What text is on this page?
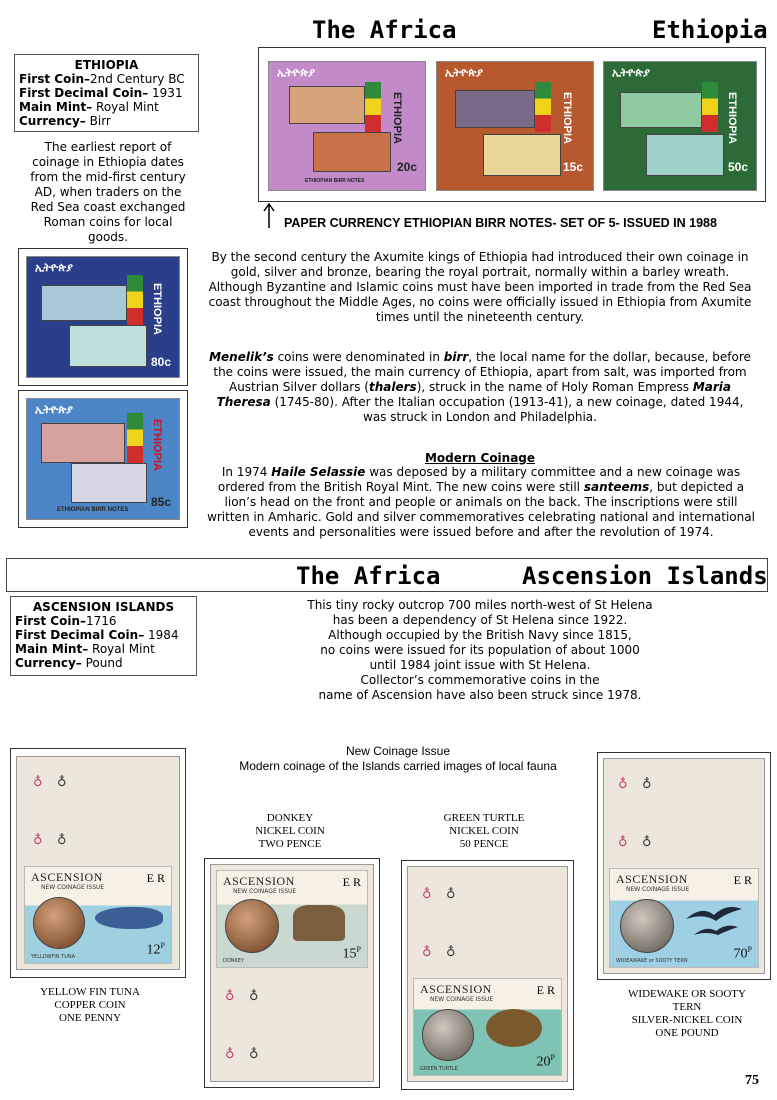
The Africa	Ethiopia
ETHIOPIA
First Coin–2nd Century BC
First Decimal Coin– 1931
Main Mint– Royal Mint
Currency– Birr
The earliest report of coinage in Ethiopia dates from the mid-first century AD, when traders on the Red Sea coast exchanged Roman coins for local goods.
ኢትዮጵያ
ETHIOPIA
20c
ETHIOPIAN BIRR NOTES
ኢትዮጵያ
ETHIOPIA
15c
ኢትዮጵያ
ETHIOPIA
50c
PAPER CURRENCY ETHIOPIAN BIRR NOTES- SET OF 5- ISSUED IN 1988
ኢትዮጵያ
ETHIOPIA
80c
ኢትዮጵያ
ETHIOPIA
85c
ETHIOPIAN BIRR NOTES
By the second century the Axumite kings of Ethiopia had introduced their own coinage in gold, silver and bronze, bearing the royal portrait, normally within a barley wreath. Although Byzantine and Islamic coins must have been imported in trade from the Red Sea coast throughout the Middle Ages, no coins were officially issued in Ethiopia from Axumite times until the nineteenth century.
Menelik’s coins were denominated in birr, the local name for the dollar, because, before the coins were issued, the main currency of Ethiopia, apart from salt, was imported from Austrian Silver dollars (thalers), struck in the name of Holy Roman Empress Maria Theresa (1745-80). After the Italian occupation (1913-41), a new coinage, dated 1944, was struck in London and Philadelphia.
Modern Coinage
In 1974 Haile Selassie was deposed by a military committee and a new coinage was ordered from the British Royal Mint. The new coins were still santeems, but depicted a lion’s head on the front and people or animals on the back. The inscriptions were still written in Amharic. Gold and silver commemoratives celebrating national and international events and personalities were issued before and after the revolution of 1974.
The Africa	Ascension Islands
ASCENSION ISLANDS
First Coin–1716
First Decimal Coin– 1984
Main Mint– Royal Mint
Currency– Pound
This tiny rocky outcrop 700 miles north-west of St Helena
has been a dependency of St Helena since 1922.
Although occupied by the British Navy since 1815,
no coins were issued for its population of about 1000
until 1984 joint issue with St Helena.
Collector’s commemorative coins in the
name of Ascension have also been struck since 1978.
New Coinage Issue
Modern coinage of the Islands carried images of local fauna
♁ ♁
♁ ♁
ASCENSION
NEW COINAGE ISSUE
E R
$12^P$
YELLOWFIN TUNA
YELLOW FIN TUNA
COPPER COIN
ONE PENNY
DONKEY
NICKEL COIN
TWO PENCE
♁ ♁
♁ ♁
ASCENSION
NEW COINAGE ISSUE
E R
$15^P$
DONKEY
GREEN TURTLE
NICKEL COIN
50 PENCE
♁ ♁
♁ ♁
ASCENSION
NEW COINAGE ISSUE
E R
$20^P$
GREEN TURTLE
♁ ♁
♁ ♁
ASCENSION
NEW COINAGE ISSUE
E R
$70^P$
WIDEAWAKE or SOOTY TERN
WIDEWAKE OR SOOTY
TERN
SILVER-NICKEL COIN
ONE POUND
75
